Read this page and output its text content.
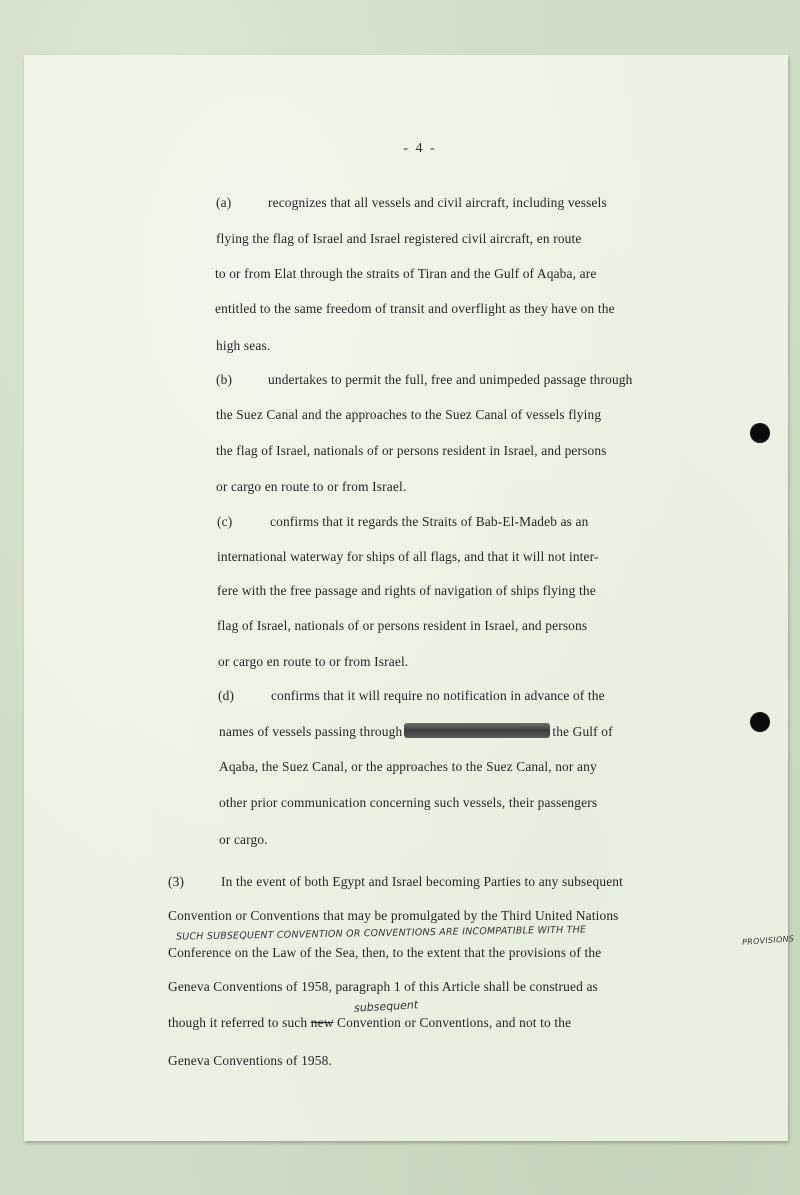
- 4 -
(a)	recognizes that all vessels and civil aircraft, including vessels
flying the flag of Israel and Israel registered civil aircraft, en route
to or from Elat through the straits of Tiran and the Gulf of Aqaba, are
entitled to the same freedom of transit and overflight as they have on the
high seas.
(b)	undertakes to permit the full, free and unimpeded passage through
the Suez Canal and the approaches to the Suez Canal of vessels flying
the flag of Israel, nationals of or persons resident in Israel, and persons
or cargo en route to or from Israel.
(c)	confirms that it regards the Straits of Bab-El-Madeb as an
international waterway for ships of all flags, and that it will not inter-
fere with the free passage and rights of navigation of ships flying the
flag of Israel, nationals of or persons resident in Israel, and persons
or cargo en route to or from Israel.
(d)	confirms that it will require no notification in advance of the
names of vessels passing through	the Gulf of
Aqaba, the Suez Canal, or the approaches to the Suez Canal, nor any
other prior communication concerning such vessels, their passengers
or cargo.
(3)	In the event of both Egypt and Israel becoming Parties to any subsequent
Convention or Conventions that may be promulgated by the Third United Nations
Conference on the Law of the Sea, then, to the extent that the provisions of the
Geneva Conventions of 1958, paragraph 1 of this Article shall be construed as
though it referred to such new Convention or Conventions, and not to the
Geneva Conventions of 1958.
SUCH SUBSEQUENT CONVENTION OR CONVENTIONS ARE INCOMPATIBLE WITH THE	PROVISIONS
subsequent
